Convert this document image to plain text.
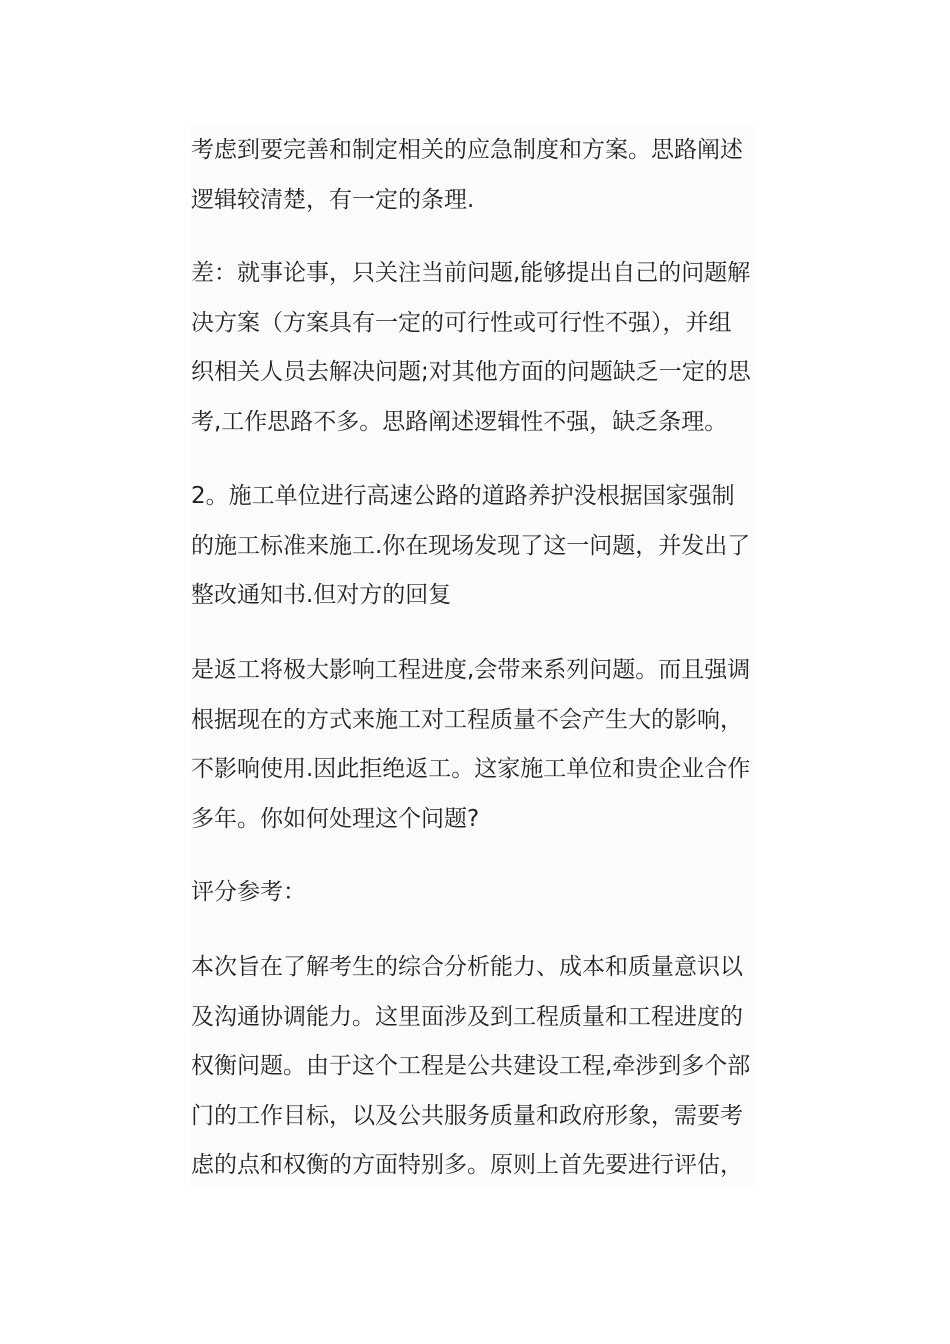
考虑到要完善和制定相关的应急制度和方案。思路阐述
逻辑较清楚，有一定的条理.

差：就事论事，只关注当前问题,能够提出自己的问题解
决方案（方案具有一定的可行性或可行性不强），并组
织相关人员去解决问题;对其他方面的问题缺乏一定的思
考,工作思路不多。思路阐述逻辑性不强，缺乏条理。

2。施工单位进行高速公路的道路养护没根据国家强制
的施工标准来施工.你在现场发现了这一问题，并发出了
整改通知书.但对方的回复

是返工将极大影响工程进度,会带来系列问题。而且强调
根据现在的方式来施工对工程质量不会产生大的影响，
不影响使用.因此拒绝返工。这家施工单位和贵企业合作
多年。你如何处理这个问题?

评分参考：

本次旨在了解考生的综合分析能力、成本和质量意识以
及沟通协调能力。这里面涉及到工程质量和工程进度的
权衡问题。由于这个工程是公共建设工程,牵涉到多个部
门的工作目标，以及公共服务质量和政府形象，需要考
虑的点和权衡的方面特别多。原则上首先要进行评估，
